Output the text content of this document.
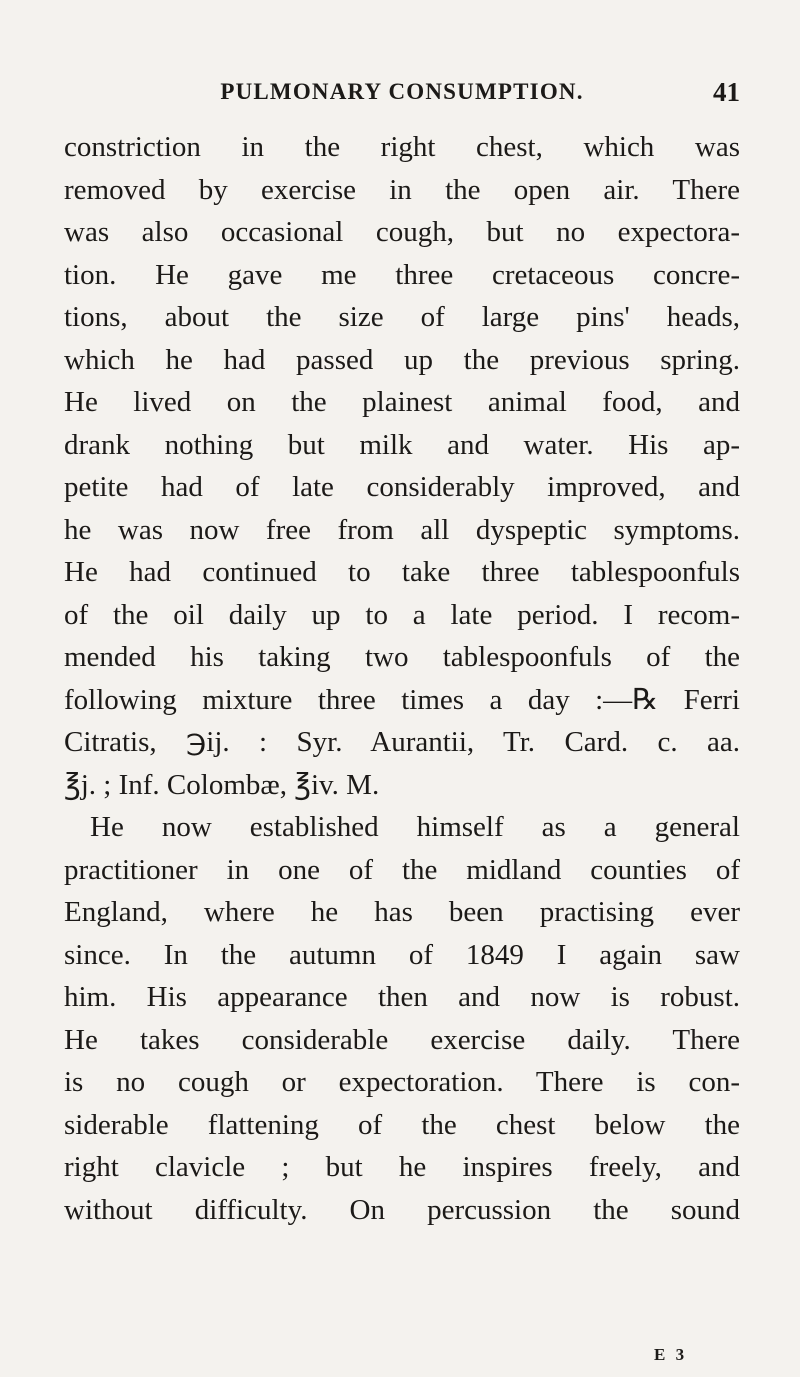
PULMONARY CONSUMPTION.	41
constriction in the right chest, which was
removed by exercise in the open air. There
was also occasional cough, but no expectora-
tion. He gave me three cretaceous concre-
tions, about the size of large pins' heads,
which he had passed up the previous spring.
He lived on the plainest animal food, and
drank nothing but milk and water. His ap-
petite had of late considerably improved, and
he was now free from all dyspeptic symptoms.
He had continued to take three tablespoonfuls
of the oil daily up to a late period. I recom-
mended his taking two tablespoonfuls of the
following mixture three times a day :—℞ Ferri
Citratis, ℈ij. : Syr. Aurantii, Tr. Card. c. aa.
℥j. ; Inf. Colombæ, ℥iv. M.
He now established himself as a general
practitioner in one of the midland counties of
England, where he has been practising ever
since. In the autumn of 1849 I again saw
him. His appearance then and now is robust.
He takes considerable exercise daily. There
is no cough or expectoration. There is con-
siderable flattening of the chest below the
right clavicle ; but he inspires freely, and
without difficulty. On percussion the sound
E 3
